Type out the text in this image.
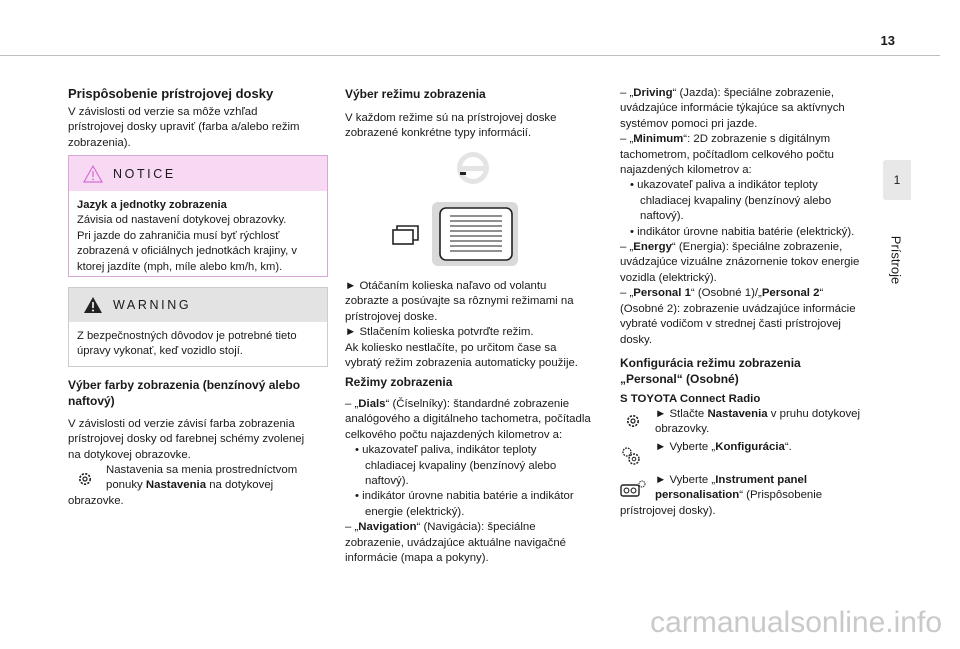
13
1
Prístroje
Prispôsobenie prístrojovej dosky

V závislosti od verzie sa môže vzhľad

prístrojovej dosky upraviť (farba a/alebo režim

zobrazenia).

NOTICE

Jazyk a jednotky zobrazenia

Závisia od nastavení dotykovej obrazovky.

Pri jazde do zahraničia musí byť rýchlosť

zobrazená v oficiálnych jednotkách krajiny, v

ktorej jazdíte (mph, míle alebo km/h, km).

WARNING

Z bezpečnostných dôvodov je potrebné tieto

úpravy vykonať, keď vozidlo stojí.

Výber farby zobrazenia (benzínový alebo
naftový)

V závislosti od verzie závisí farba zobrazenia

prístrojovej dosky od farebnej schémy zvolenej

na dotykovej obrazovke.

Nastavenia sa menia prostredníctvom

ponuky Nastavenia na dotykovej

obrazovke.

Výber režimu zobrazenia

V každom režime sú na prístrojovej doske

zobrazené konkrétne typy informácií.

► Otáčaním kolieska naľavo od volantu

zobrazte a posúvajte sa rôznymi režimami na

prístrojovej doske.

► Stlačením kolieska potvrďte režim.

Ak koliesko nestlačíte, po určitom čase sa

vybratý režim zobrazenia automaticky použije.

Režimy zobrazenia

– „Dials“ (Číselníky): štandardné zobrazenie

analógového a digitálneho tachometra, počítadla

celkového počtu najazdených kilometrov a:

• ukazovateľ paliva, indikátor teploty

chladiacej kvapaliny (benzínový alebo

naftový).

• indikátor úrovne nabitia batérie a indikátor

energie (elektrický).

– „Navigation“ (Navigácia): špeciálne

zobrazenie, uvádzajúce aktuálne navigačné

informácie (mapa a pokyny).

– „Driving“ (Jazda): špeciálne zobrazenie,

uvádzajúce informácie týkajúce sa aktívnych

systémov pomoci pri jazde.

– „Minimum“: 2D zobrazenie s digitálnym

tachometrom, počítadlom celkového počtu

najazdených kilometrov a:

• ukazovateľ paliva a indikátor teploty

chladiacej kvapaliny (benzínový alebo

naftový).

• indikátor úrovne nabitia batérie (elektrický).

– „Energy“ (Energia): špeciálne zobrazenie,

uvádzajúce vizuálne znázornenie tokov energie

vozidla (elektrický).

– „Personal 1“ (Osobné 1)/„Personal 2“

(Osobné 2): zobrazenie uvádzajúce informácie

vybraté vodičom v strednej časti prístrojovej

dosky.

Konfigurácia režimu zobrazenia
„Personal“ (Osobné)

S TOYOTA Connect Radio

► Stlačte Nastavenia v pruhu dotykovej

obrazovky.

► Vyberte „Konfigurácia“.

► Vyberte „Instrument panel

personalisation“ (Prispôsobenie

prístrojovej dosky).

carmanualsonline.info
